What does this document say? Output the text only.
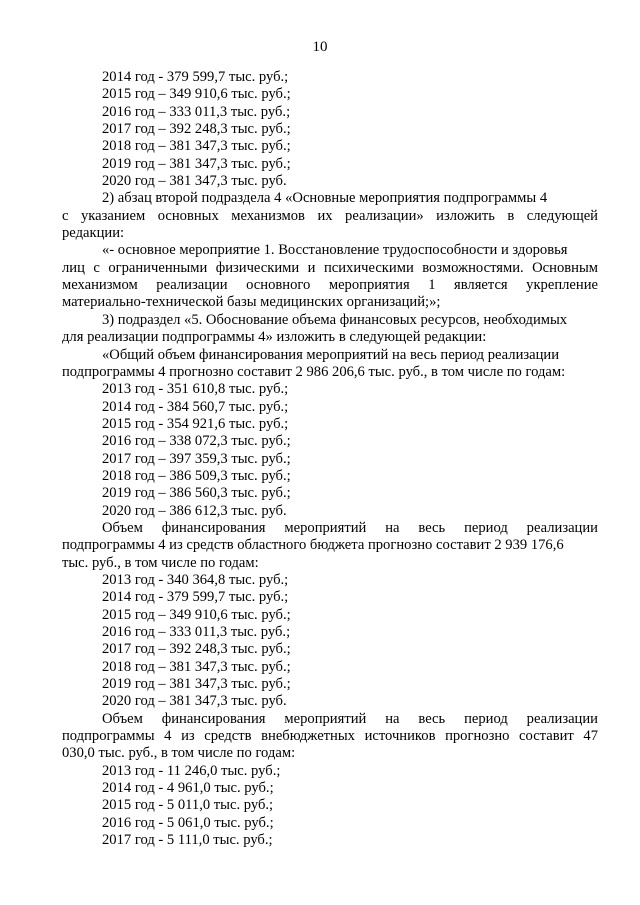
10
2014 год - 379 599,7 тыс. руб.;
2015 год – 349 910,6 тыс. руб.;
2016 год – 333 011,3 тыс. руб.;
2017 год – 392 248,3 тыс. руб.;
2018 год – 381 347,3 тыс. руб.;
2019 год – 381 347,3 тыс. руб.;
2020 год – 381 347,3 тыс. руб.
2) абзац второй подраздела 4 «Основные мероприятия подпрограммы 4
с указанием основных механизмов их реализации» изложить в следующей
редакции:
«- основное мероприятие 1. Восстановление трудоспособности и здоровья
лиц с ограниченными физическими и психическими возможностями. Основным
механизмом реализации основного мероприятия 1 является укрепление
материально-технической базы медицинских организаций;»;
3) подраздел «5. Обоснование объема финансовых ресурсов, необходимых
для реализации подпрограммы 4» изложить в следующей редакции:
«Общий объем финансирования мероприятий на весь период реализации
подпрограммы 4 прогнозно составит 2 986 206,6 тыс. руб., в том числе по годам:
2013 год - 351 610,8 тыс. руб.;
2014 год - 384 560,7 тыс. руб.;
2015 год - 354 921,6 тыс. руб.;
2016 год – 338 072,3 тыс. руб.;
2017 год – 397 359,3 тыс. руб.;
2018 год – 386 509,3 тыс. руб.;
2019 год – 386 560,3 тыс. руб.;
2020 год – 386 612,3 тыс. руб.
Объем финансирования мероприятий на весь период реализации
подпрограммы 4 из средств областного бюджета прогнозно составит 2 939 176,6
тыс. руб., в том числе по годам:
2013 год - 340 364,8 тыс. руб.;
2014 год - 379 599,7 тыс. руб.;
2015 год – 349 910,6 тыс. руб.;
2016 год – 333 011,3 тыс. руб.;
2017 год – 392 248,3 тыс. руб.;
2018 год – 381 347,3 тыс. руб.;
2019 год – 381 347,3 тыс. руб.;
2020 год – 381 347,3 тыс. руб.
Объем финансирования мероприятий на весь период реализации
подпрограммы 4 из средств внебюджетных источников прогнозно составит 47
030,0 тыс. руб., в том числе по годам:
2013 год - 11 246,0 тыс. руб.;
2014 год - 4 961,0 тыс. руб.;
2015 год - 5 011,0 тыс. руб.;
2016 год - 5 061,0 тыс. руб.;
2017 год - 5 111,0 тыс. руб.;
